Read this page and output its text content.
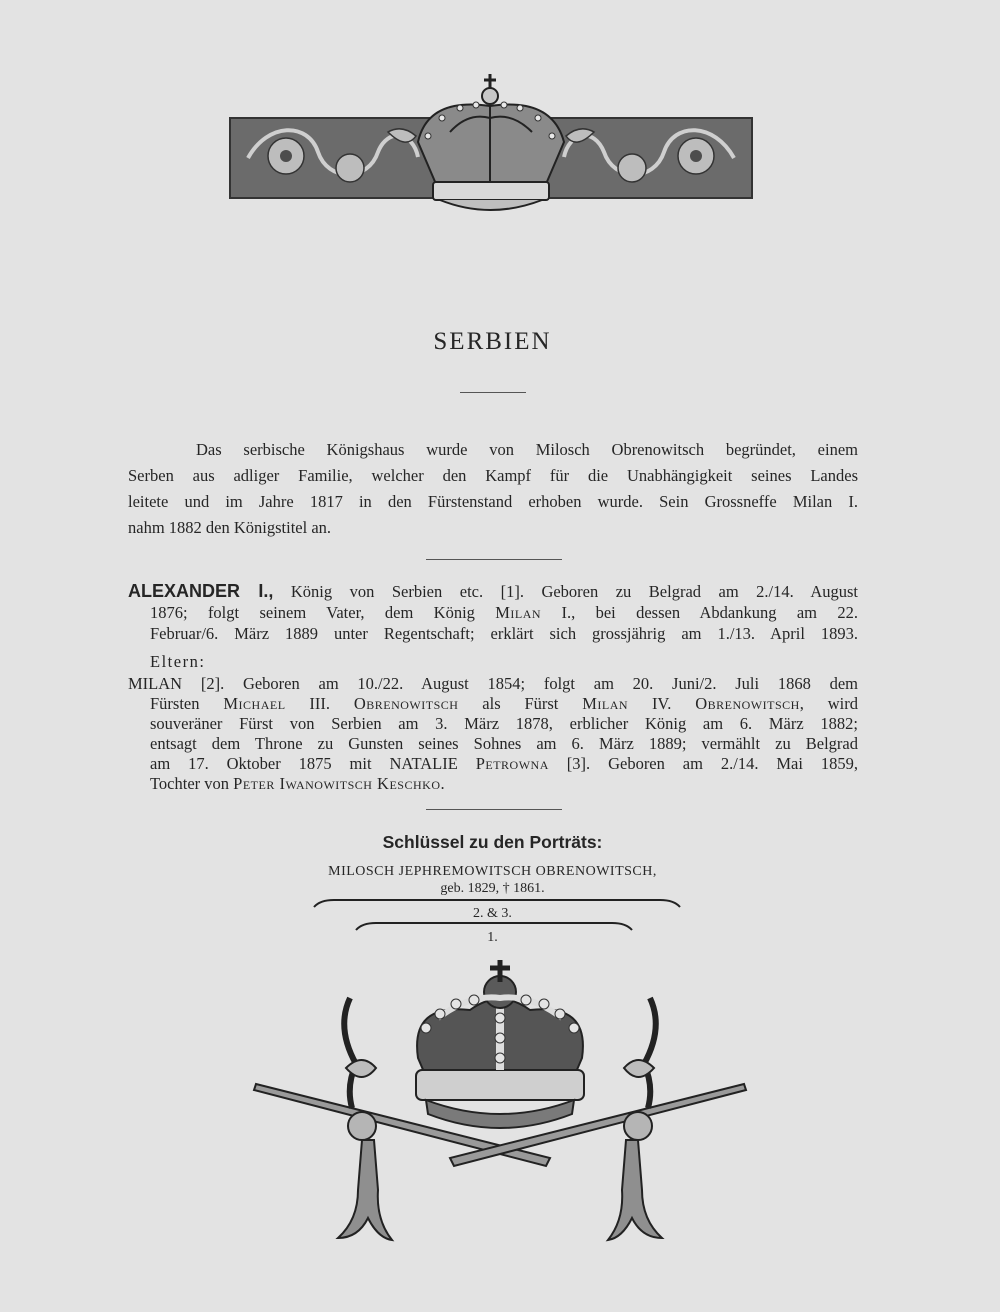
SERBIEN
Das serbische Königshaus wurde von Milosch Obrenowitsch begründet, einem
Serben aus adliger Familie, welcher den Kampf für die Unabhängigkeit seines Landes
leitete und im Jahre 1817 in den Fürstenstand erhoben wurde. Sein Grossneffe Milan I.
nahm 1882 den Königstitel an.
ALEXANDER I., König von Serbien etc. [1]. Geboren zu Belgrad am 2./14. August
1876; folgt seinem Vater, dem König Milan I., bei dessen Abdankung am 22.
Februar/6. März 1889 unter Regentschaft; erklärt sich grossjährig am 1./13. April 1893.
Eltern:
MILAN [2]. Geboren am 10./22. August 1854; folgt am 20. Juni/2. Juli 1868 dem
Fürsten Michael III. Obrenowitsch als Fürst Milan IV. Obrenowitsch, wird
souveräner Fürst von Serbien am 3. März 1878, erblicher König am 6. März 1882;
entsagt dem Throne zu Gunsten seines Sohnes am 6. März 1889; vermählt zu Belgrad
am 17. Oktober 1875 mit NATALIE Petrowna [3]. Geboren am 2./14. Mai 1859,
Tochter von Peter Iwanowitsch Keschko.
Schlüssel zu den Porträts:
MILOSCH JEPHREMOWITSCH OBRENOWITSCH,
geb. 1829, † 1861.
2. & 3.
1.
